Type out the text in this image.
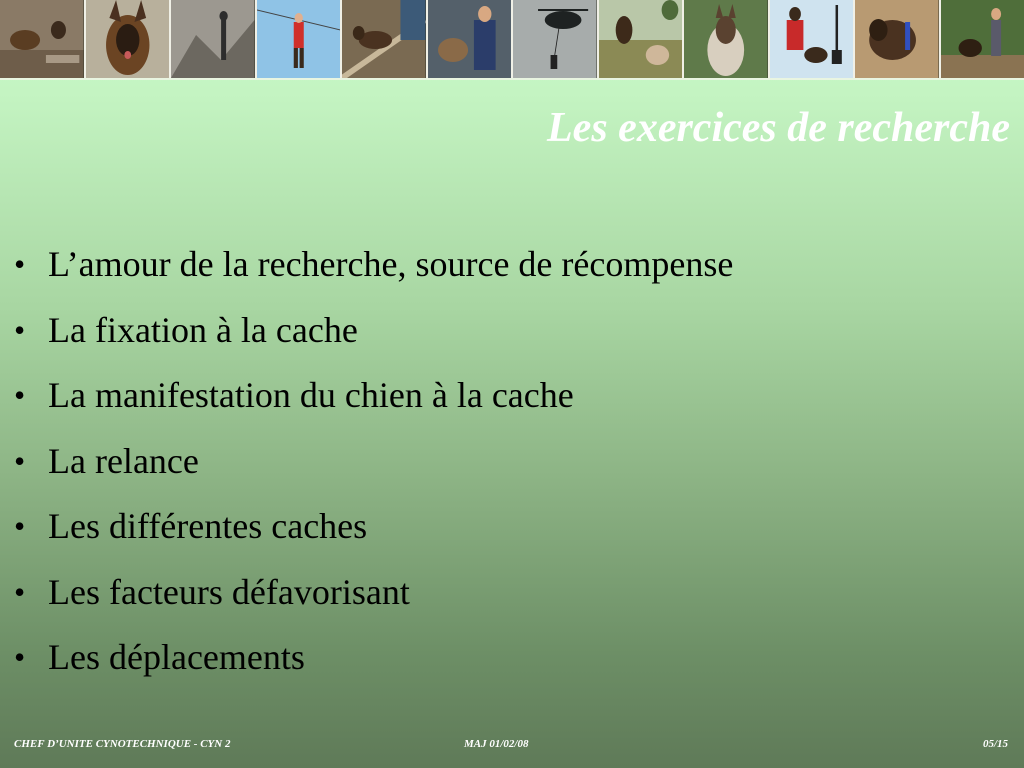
Les exercices de recherche
• L’amour de la recherche, source de récompense
• La fixation à la cache
• La manifestation du chien à la cache
• La relance
• Les différentes caches
• Les facteurs défavorisant
• Les déplacements
CHEF D’UNITE CYNOTECHNIQUE - CYN 2	MAJ 01/02/08	05/15
